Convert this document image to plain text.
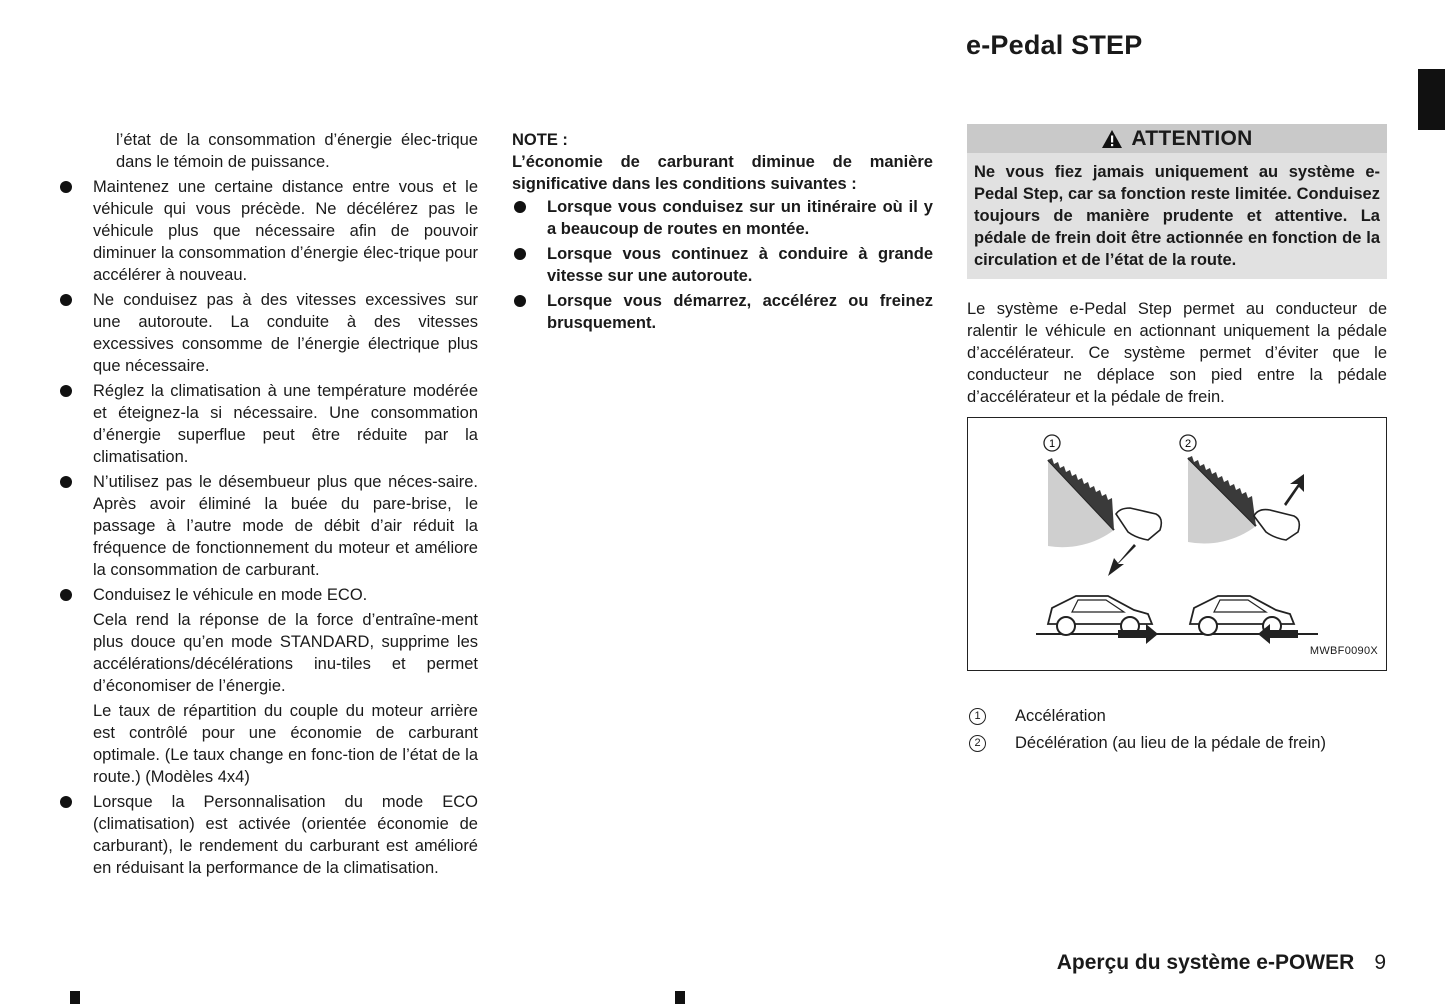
e-Pedal STEP

l’état de la consommation d’énergie élec-trique dans le témoin de puissance.

Maintenez une certaine distance entre vous et le véhicule qui vous précède. Ne décélérez pas le véhicule plus que nécessaire afin de pouvoir diminuer la consommation d’énergie élec-trique pour accélérer à nouveau.

Ne conduisez pas à des vitesses excessives sur une autoroute. La conduite à des vitesses excessives consomme de l’énergie électrique plus que nécessaire.

Réglez la climatisation à une température modérée et éteignez-la si nécessaire. Une consommation d’énergie superflue peut être réduite par la climatisation.

N’utilisez pas le désembueur plus que néces-saire. Après avoir éliminé la buée du pare-brise, le passage à l’autre mode de débit d’air réduit la fréquence de fonctionnement du moteur et améliore la consommation de carburant.

Conduisez le véhicule en mode ECO.

Cela rend la réponse de la force d’entraîne-ment plus douce qu’en mode STANDARD, supprime les accélérations/décélérations inu-tiles et permet d’économiser de l’énergie.

Le taux de répartition du couple du moteur arrière est contrôlé pour une économie de carburant optimale. (Le taux change en fonc-tion de l’état de la route.) (Modèles 4x4)

Lorsque la Personnalisation du mode ECO (climatisation) est activée (orientée économie de carburant), le rendement du carburant est amélioré en réduisant la performance de la climatisation.

NOTE :

L’économie de carburant diminue de manière significative dans les conditions suivantes :

Lorsque vous conduisez sur un itinéraire où il y a beaucoup de routes en montée.

Lorsque vous continuez à conduire à grande vitesse sur une autoroute.

Lorsque vous démarrez, accélérez ou freinez brusquement.

ATTENTION

Ne vous fiez jamais uniquement au système e-Pedal Step, car sa fonction reste limitée. Conduisez toujours de manière prudente et attentive. La pédale de frein doit être actionnée en fonction de la circulation et de l’état de la route.

Le système e-Pedal Step permet au conducteur de ralentir le véhicule en actionnant uniquement la pédale d’accélérateur. Ce système permet d’éviter que le conducteur ne déplace son pied entre la pédale d’accélérateur et la pédale de frein.

1	2
MWBF0090X
1	Accélération
2	Décélération (au lieu de la pédale de frein)
Aperçu du système e-POWER 9
